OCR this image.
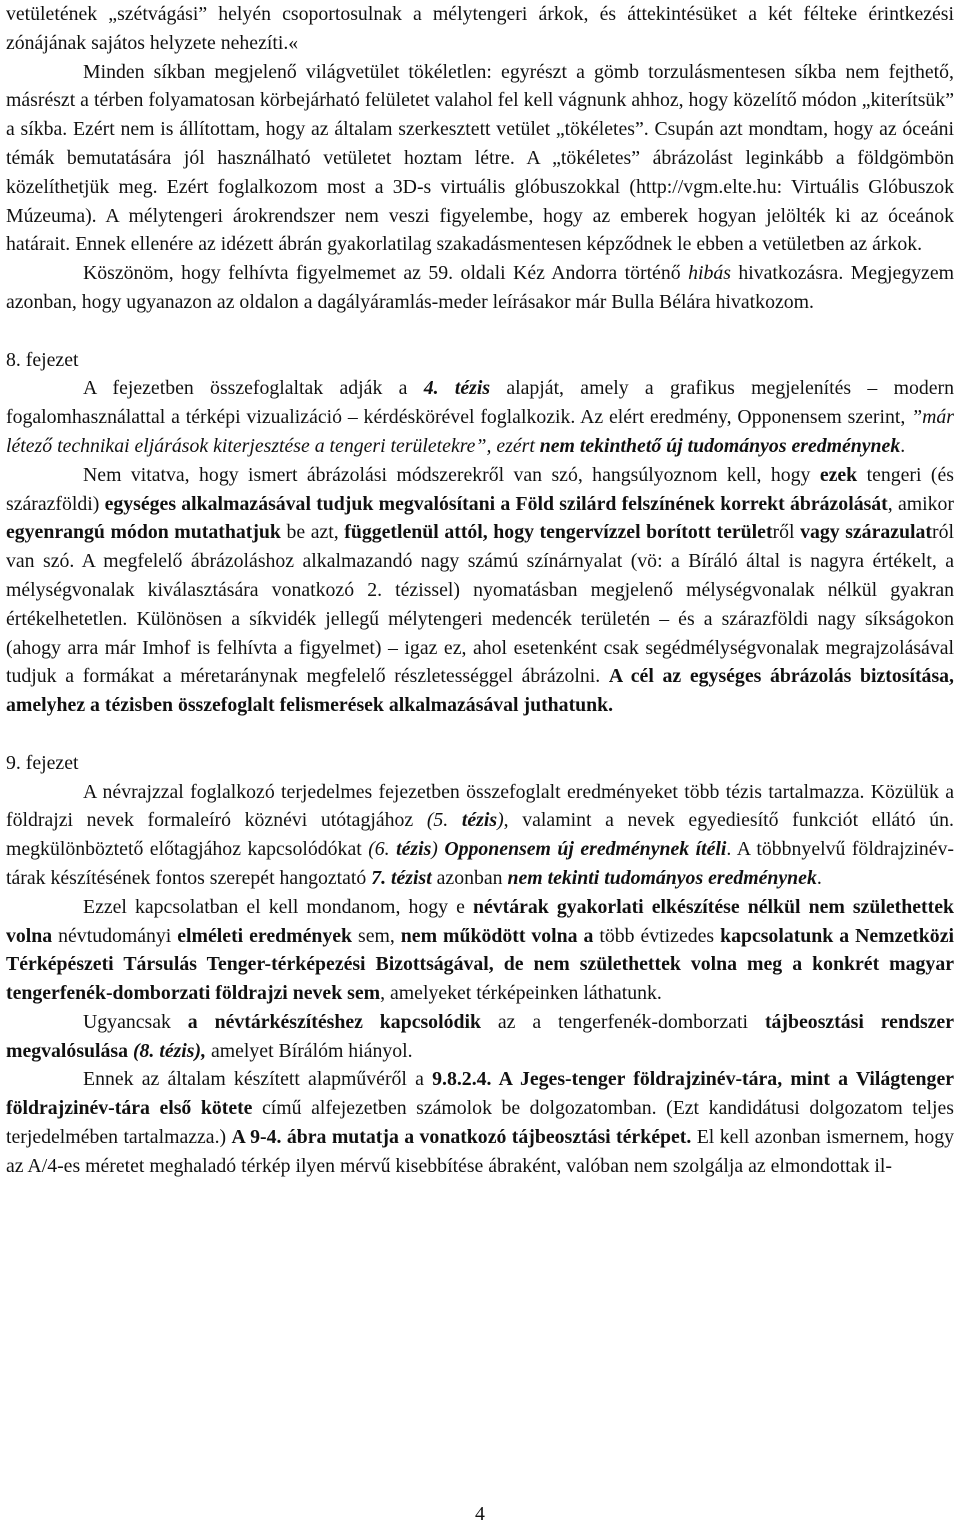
vetületének „szétvágási” helyén csoportosulnak a mélytengeri árkok, és áttekintésüket a két félteke érintkezési zónájának sajátos helyzete nehezíti.«

Minden síkban megjelenő világvetület tökéletlen: egyrészt a gömb torzulásmentesen síkba nem fejthető, másrészt a térben folyamatosan körbejárható felületet valahol fel kell vágnunk ahhoz, hogy közelítő módon „kiterítsük” a síkba. Ezért nem is állítottam, hogy az általam szerkesztett vetület „tökéletes”. Csupán azt mondtam, hogy az óceáni témák bemutatására jól használható vetületet hoztam létre. A „tökéletes” ábrázolást leginkább a földgömbön közelíthetjük meg. Ezért foglalkozom most a 3D-s virtuális glóbuszokkal (http://vgm.elte.hu: Virtuális Glóbuszok Múzeuma). A mélytengeri árokrendszer nem veszi figyelembe, hogy az emberek hogyan jelölték ki az óceánok határait. Ennek ellenére az idézett ábrán gyakorlatilag szakadásmentesen képződnek le ebben a vetületben az árkok.

Köszönöm, hogy felhívta figyelmemet az 59. oldali Kéz Andorra történő hibás hivatkozásra. Megjegyzem azonban, hogy ugyanazon az oldalon a dagályáramlás-meder leírásakor már Bulla Bélára hivatkozom.

8. fejezet

A fejezetben összefoglaltak adják a 4. tézis alapját, amely a grafikus megjelenítés – modern fogalomhasználattal a térképi vizualizáció – kérdéskörével foglalkozik. Az elért eredmény, Opponensem szerint, ”már létező technikai eljárások kiterjesztése a tengeri területekre”, ezért nem tekinthető új tudományos eredménynek.

Nem vitatva, hogy ismert ábrázolási módszerekről van szó, hangsúlyoznom kell, hogy ezek tengeri (és szárazföldi) egységes alkalmazásával tudjuk megvalósítani a Föld szilárd felszínének korrekt ábrázolását, amikor egyenrangú módon mutathatjuk be azt, függetlenül attól, hogy tengervízzel borított területről vagy szárazulatról van szó. A megfelelő ábrázoláshoz alkalmazandó nagy számú színárnyalat (vö: a Bíráló által is nagyra értékelt, a mélységvonalak kiválasztására vonatkozó 2. tézissel) nyomatásban megjelenő mélységvonalak nélkül gyakran értékelhetetlen. Különösen a síkvidék jellegű mélytengeri medencék területén – és a szárazföldi nagy síkságokon (ahogy arra már Imhof is felhívta a figyelmet) – igaz ez, ahol esetenként csak segédmélységvonalak megrajzolásával tudjuk a formákat a méretaránynak megfelelő részletességgel ábrázolni. A cél az egységes ábrázolás biztosítása, amelyhez a tézisben összefoglalt felismerések alkalmazásával juthatunk.

9. fejezet

A névrajzzal foglalkozó terjedelmes fejezetben összefoglalt eredményeket több tézis tartalmazza. Közülük a földrajzi nevek formaleíró köznévi utótagjához (5. tézis), valamint a nevek egyediesítő funkciót ellátó ún. megkülönböztető előtagjához kapcsolódókat (6. tézis) Opponensem új eredménynek ítéli. A többnyelvű földrajzinév-tárak készítésének fontos szerepét hangoztató 7. tézist azonban nem tekinti tudományos eredménynek.

Ezzel kapcsolatban el kell mondanom, hogy e névtárak gyakorlati elkészítése nélkül nem születhettek volna névtudományi elméleti eredmények sem, nem működött volna a több évtizedes kapcsolatunk a Nemzetközi Térképészeti Társulás Tenger-térképezési Bizottságával, de nem születhettek volna meg a konkrét magyar tengerfenék-domborzati földrajzi nevek sem, amelyeket térképeinken láthatunk.

Ugyancsak a névtárkészítéshez kapcsolódik az a tengerfenék-domborzati tájbeosztási rendszer megvalósulása (8. tézis), amelyet Bírálóm hiányol.

Ennek az általam készített alapművéről a 9.8.2.4. A Jeges-tenger földrajzinév-tára, mint a Világtenger földrajzinév-tára első kötete című alfejezetben számolok be dolgozatomban. (Ezt kandidátusi dolgozatom teljes terjedelmében tartalmazza.) A 9-4. ábra mutatja a vonatkozó tájbeosztási térképet. El kell azonban ismernem, hogy az A/4-es méretet meghaladó térkép ilyen mérvű kisebbítése ábraként, valóban nem szolgálja az elmondottak il-

4
